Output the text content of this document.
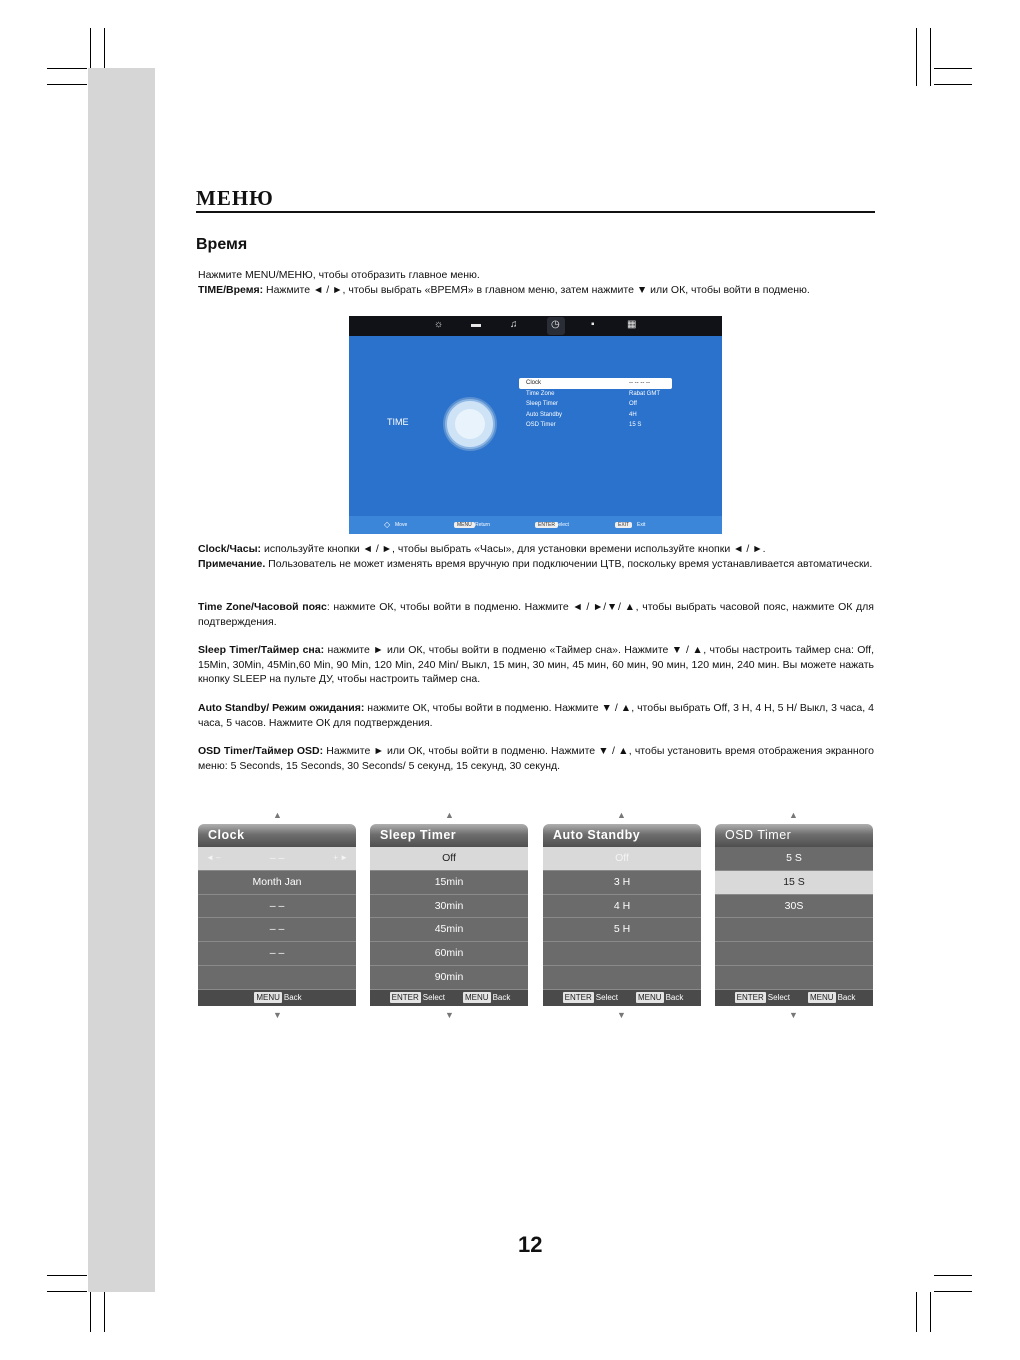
МЕНЮ
Время

Нажмите MENU/МЕНЮ, чтобы отобразить главное меню.

TIME/Время: Нажмите ◄ / ►, чтобы выбрать «ВРЕМЯ» в главном меню, затем нажмите ▼ или ОК, чтобы войти в подменю.

☼	▬	♫	◷	▪	▦
TIME
Clock	-- -- -- --
Time Zone	Rabat GMT
Sleep Timer	Off
Auto Standby	4H
OSD Timer	15 S
◇ Move	MENU Return	ENTER Select	EXIT	Exit

Clock/Часы: используйте кнопки ◄ / ►, чтобы выбрать «Часы», для установки времени используйте кнопки ◄ / ►.

Примечание. Пользователь не может изменять время вручную при подключении ЦТВ, поскольку время устанавливается автоматически.

Time Zone/Часовой пояс: нажмите ОК, чтобы войти в подменю. Нажмите ◄ / ►/▼/ ▲, чтобы выбрать часовой пояс, нажмите ОК для подтверждения.

Sleep Timer/Таймер сна: нажмите ► или ОК, чтобы войти в подменю «Таймер сна». Нажмите ▼ / ▲, чтобы настроить таймер сна: Off, 15Min, 30Min, 45Min,60 Min, 90 Min, 120 Min, 240 Min/ Выкл, 15 мин, 30 мин, 45 мин, 60 мин, 90 мин, 120 мин, 240 мин. Вы можете нажать кнопку SLEEP на пульте ДУ, чтобы настроить таймер сна.

Auto Standby/ Режим ожидания: нажмите ОК, чтобы войти в подменю. Нажмите ▼ / ▲, чтобы выбрать Off, 3 H, 4 H, 5 H/ Выкл, 3 часа, 4 часа, 5 часов. Нажмите ОК для подтверждения.

OSD Timer/Таймер OSD: Нажмите ► или ОК, чтобы войти в подменю. Нажмите ▼ / ▲, чтобы установить время отображения экранного меню: 5 Seconds, 15 Seconds, 30 Seconds/ 5 секунд, 15 секунд, 30 секунд.

▲	▲	▲	▲
▼	▼	▼	▼
Clock
◄ –	– –	+ ►
Month Jan
– –
– –
– –
MENU Back
Sleep Timer
Off
15min
30min
45min
60min
90min
ENTER Select	MENU Back
Auto Standby
Off
3 H
4 H
5 H
ENTER Select	MENU Back
OSD Timer
5 S
15 S
30S
ENTER Select	MENU Back
12
